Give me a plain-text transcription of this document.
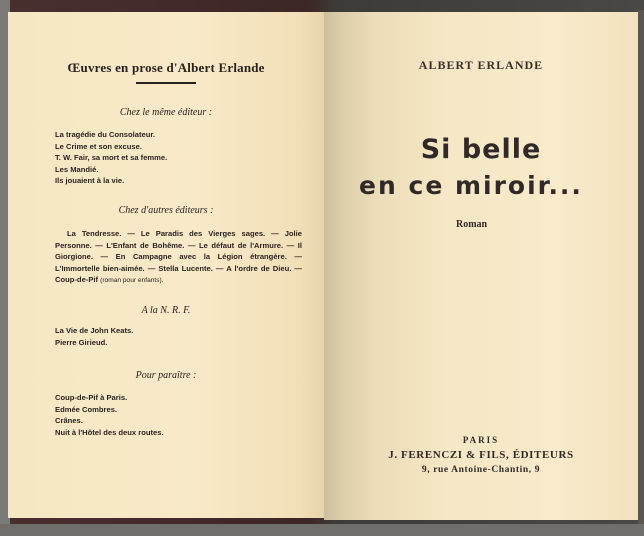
Œuvres en prose d'Albert Erlande
Chez le même éditeur :
La tragédie du Consolateur.
Le Crime et son excuse.
T. W. Fair, sa mort et sa femme.
Les Mandié.
Ils jouaient à la vie.
Chez d'autres éditeurs :
La Tendresse. — Le Paradis des Vierges sages. — Jolie Personne. — L'Enfant de Bohême. — Le défaut de l'Armure. — Il Giorgione. — En Campagne avec la Légion étrangère. — L'Immortelle bien-aimée. — Stella Lucente. — A l'ordre de Dieu. — Coup-de-Pif (roman pour enfants).
A la N. R. F.
La Vie de John Keats.
Pierre Girieud.
Pour paraître :
Coup-de-Pif à Paris.
Edmée Combres.
Crânes.
Nuit à l'Hôtel des deux routes.
ALBERT ERLANDE
Si belle
en ce miroir...
Roman
PARIS
J. FERENCZI & FILS, ÉDITEURS
9, rue Antoine-Chantin, 9
